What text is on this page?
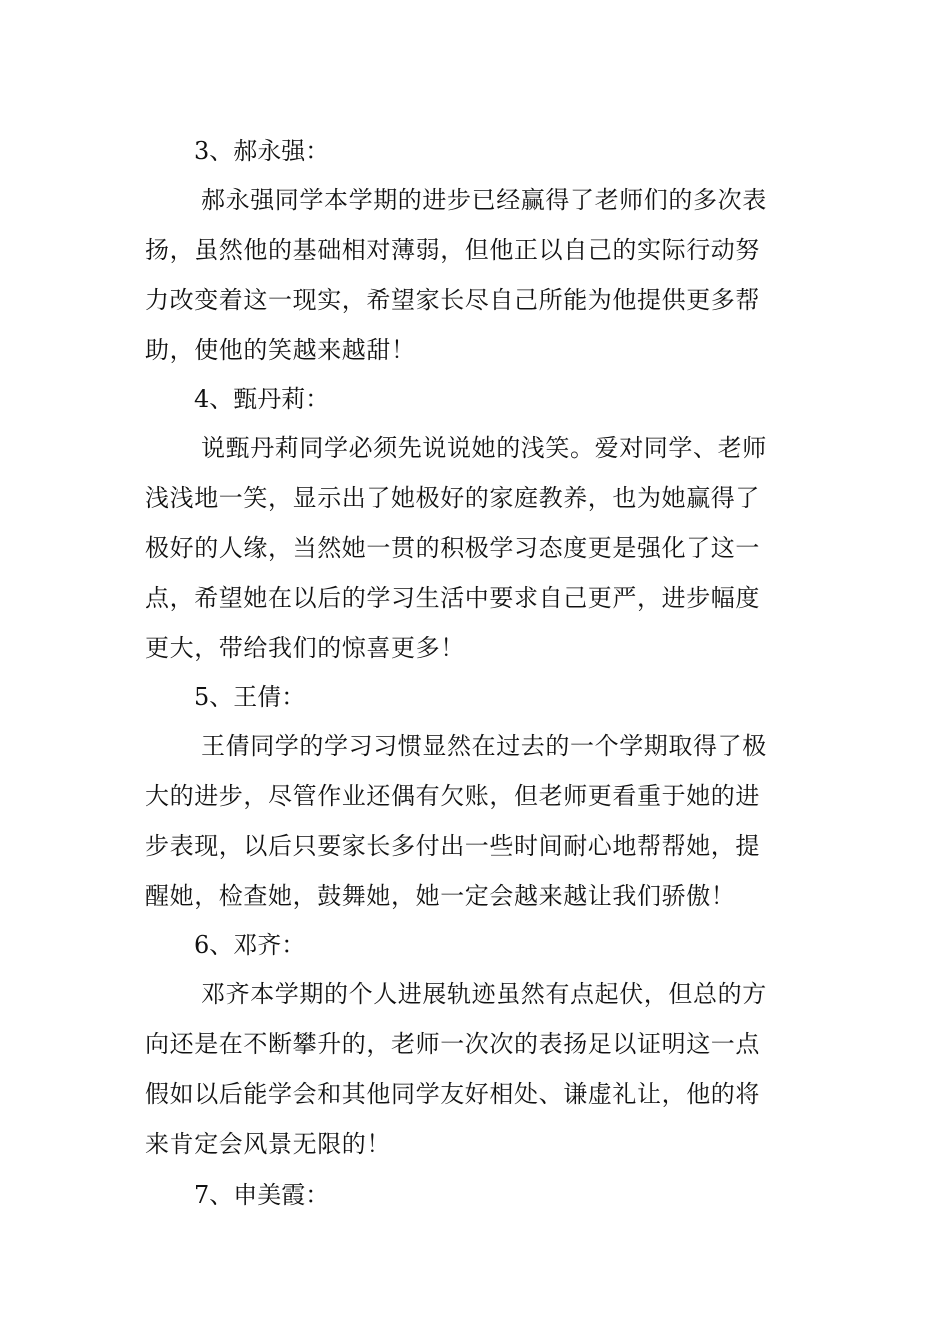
3、郝永强：
郝永强同学本学期的进步已经赢得了老师们的多次表
扬，虽然他的基础相对薄弱，但他正以自己的实际行动努
力改变着这一现实，希望家长尽自己所能为他提供更多帮
助，使他的笑越来越甜！
4、甄丹莉：
说甄丹莉同学必须先说说她的浅笑。爱对同学、老师
浅浅地一笑，显示出了她极好的家庭教养，也为她赢得了
极好的人缘，当然她一贯的积极学习态度更是强化了这一
点，希望她在以后的学习生活中要求自己更严，进步幅度
更大，带给我们的惊喜更多！
5、王倩：
王倩同学的学习习惯显然在过去的一个学期取得了极
大的进步，尽管作业还偶有欠账，但老师更看重于她的进
步表现，以后只要家长多付出一些时间耐心地帮帮她，提
醒她，检查她，鼓舞她，她一定会越来越让我们骄傲！
6、邓齐：
邓齐本学期的个人进展轨迹虽然有点起伏，但总的方
向还是在不断攀升的，老师一次次的表扬足以证明这一点
假如以后能学会和其他同学友好相处、谦虚礼让，他的将
来肯定会风景无限的！
7、申美霞：
